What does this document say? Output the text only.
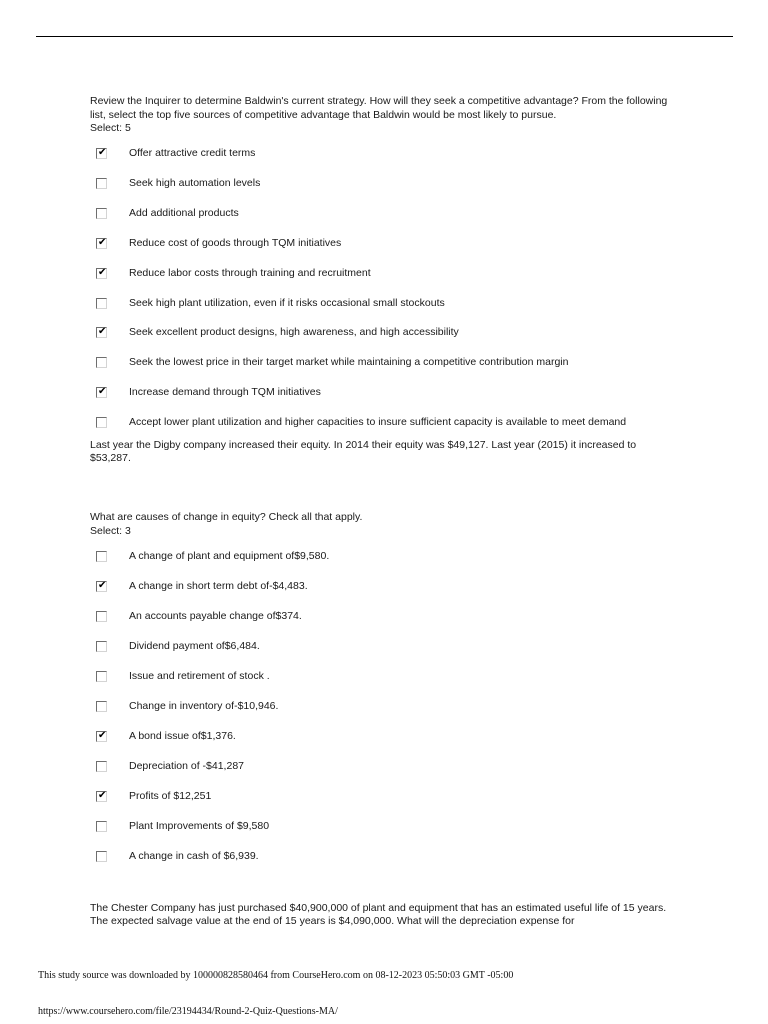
Review the Inquirer to determine Baldwin's current strategy. How will they seek a competitive advantage? From the following list, select the top five sources of competitive advantage that Baldwin would be most likely to pursue.
Select: 5
✔ Offer attractive credit terms
Seek high automation levels
Add additional products
✔ Reduce cost of goods through TQM initiatives
✔ Reduce labor costs through training and recruitment
Seek high plant utilization, even if it risks occasional small stockouts
✔ Seek excellent product designs, high awareness, and high accessibility
Seek the lowest price in their target market while maintaining a competitive contribution margin
✔ Increase demand through TQM initiatives
Accept lower plant utilization and higher capacities to insure sufficient capacity is available to meet demand
Last year the Digby company increased their equity. In 2014 their equity was $49,127. Last year (2015) it increased to $53,287.
What are causes of change in equity? Check all that apply.
Select: 3
A change of plant and equipment of$9,580.
✔ A change in short term debt of-$4,483.
An accounts payable change of$374.
Dividend payment of$6,484.
Issue and retirement of stock .
Change in inventory of-$10,946.
✔ A bond issue of$1,376.
Depreciation of -$41,287
✔ Profits of $12,251
Plant Improvements of $9,580
A change in cash of $6,939.
The Chester Company has just purchased $40,900,000 of plant and equipment that has an estimated useful life of 15 years. The expected salvage value at the end of 15 years is $4,090,000. What will the depreciation expense for
This study source was downloaded by 100000828580464 from CourseHero.com on 08-12-2023 05:50:03 GMT -05:00
https://www.coursehero.com/file/23194434/Round-2-Quiz-Questions-MA/
